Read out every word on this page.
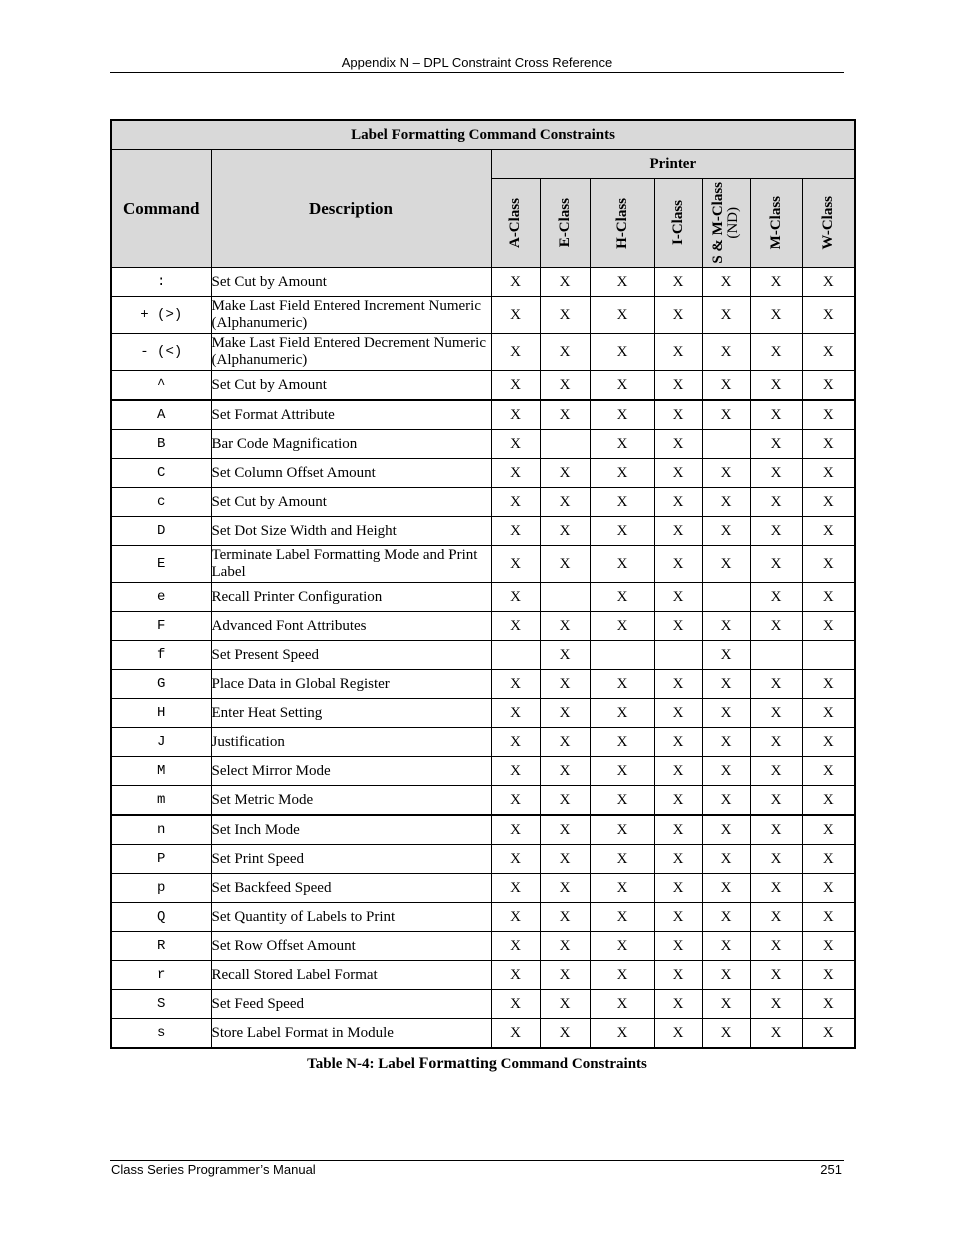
Appendix N – DPL Constraint Cross Reference
Label Formatting Command Constraints								
Command	Description	Printer						

		A-Class	E-Class	H-Class	I-Class	S & M-Class (ND)	M-Class	W-Class

:	Set Cut by Amount	X	X	X	X	X	X	X
+ (>)	Make Last Field Entered Increment Numeric (Alphanumeric)	X	X	X	X	X	X	X
- (<)	Make Last Field Entered Decrement Numeric (Alphanumeric)	X	X	X	X	X	X	X
^	Set Cut by Amount	X	X	X	X	X	X	X
A	Set Format Attribute	X	X	X	X	X	X	X
B	Bar Code Magnification	X		X	X		X	X
C	Set Column Offset Amount	X	X	X	X	X	X	X
c	Set Cut by Amount	X	X	X	X	X	X	X
D	Set Dot Size Width and Height	X	X	X	X	X	X	X
E	Terminate Label Formatting Mode and Print Label	X	X	X	X	X	X	X
e	Recall Printer Configuration	X		X	X		X	X
F	Advanced Font Attributes	X	X	X	X	X	X	X
f	Set Present Speed		X			X		
G	Place Data in Global Register	X	X	X	X	X	X	X
H	Enter Heat Setting	X	X	X	X	X	X	X
J	Justification	X	X	X	X	X	X	X
M	Select Mirror Mode	X	X	X	X	X	X	X
m	Set Metric Mode	X	X	X	X	X	X	X
n	Set Inch Mode	X	X	X	X	X	X	X
P	Set Print Speed	X	X	X	X	X	X	X
p	Set Backfeed Speed	X	X	X	X	X	X	X
Q	Set Quantity of Labels to Print	X	X	X	X	X	X	X
R	Set Row Offset Amount	X	X	X	X	X	X	X
r	Recall Stored Label Format	X	X	X	X	X	X	X
S	Set Feed Speed	X	X	X	X	X	X	X
s	Store Label Format in Module	X	X	X	X	X	X	X
Table N-4: Label Formatting Command Constraints
Class Series Programmer’s Manual	251
